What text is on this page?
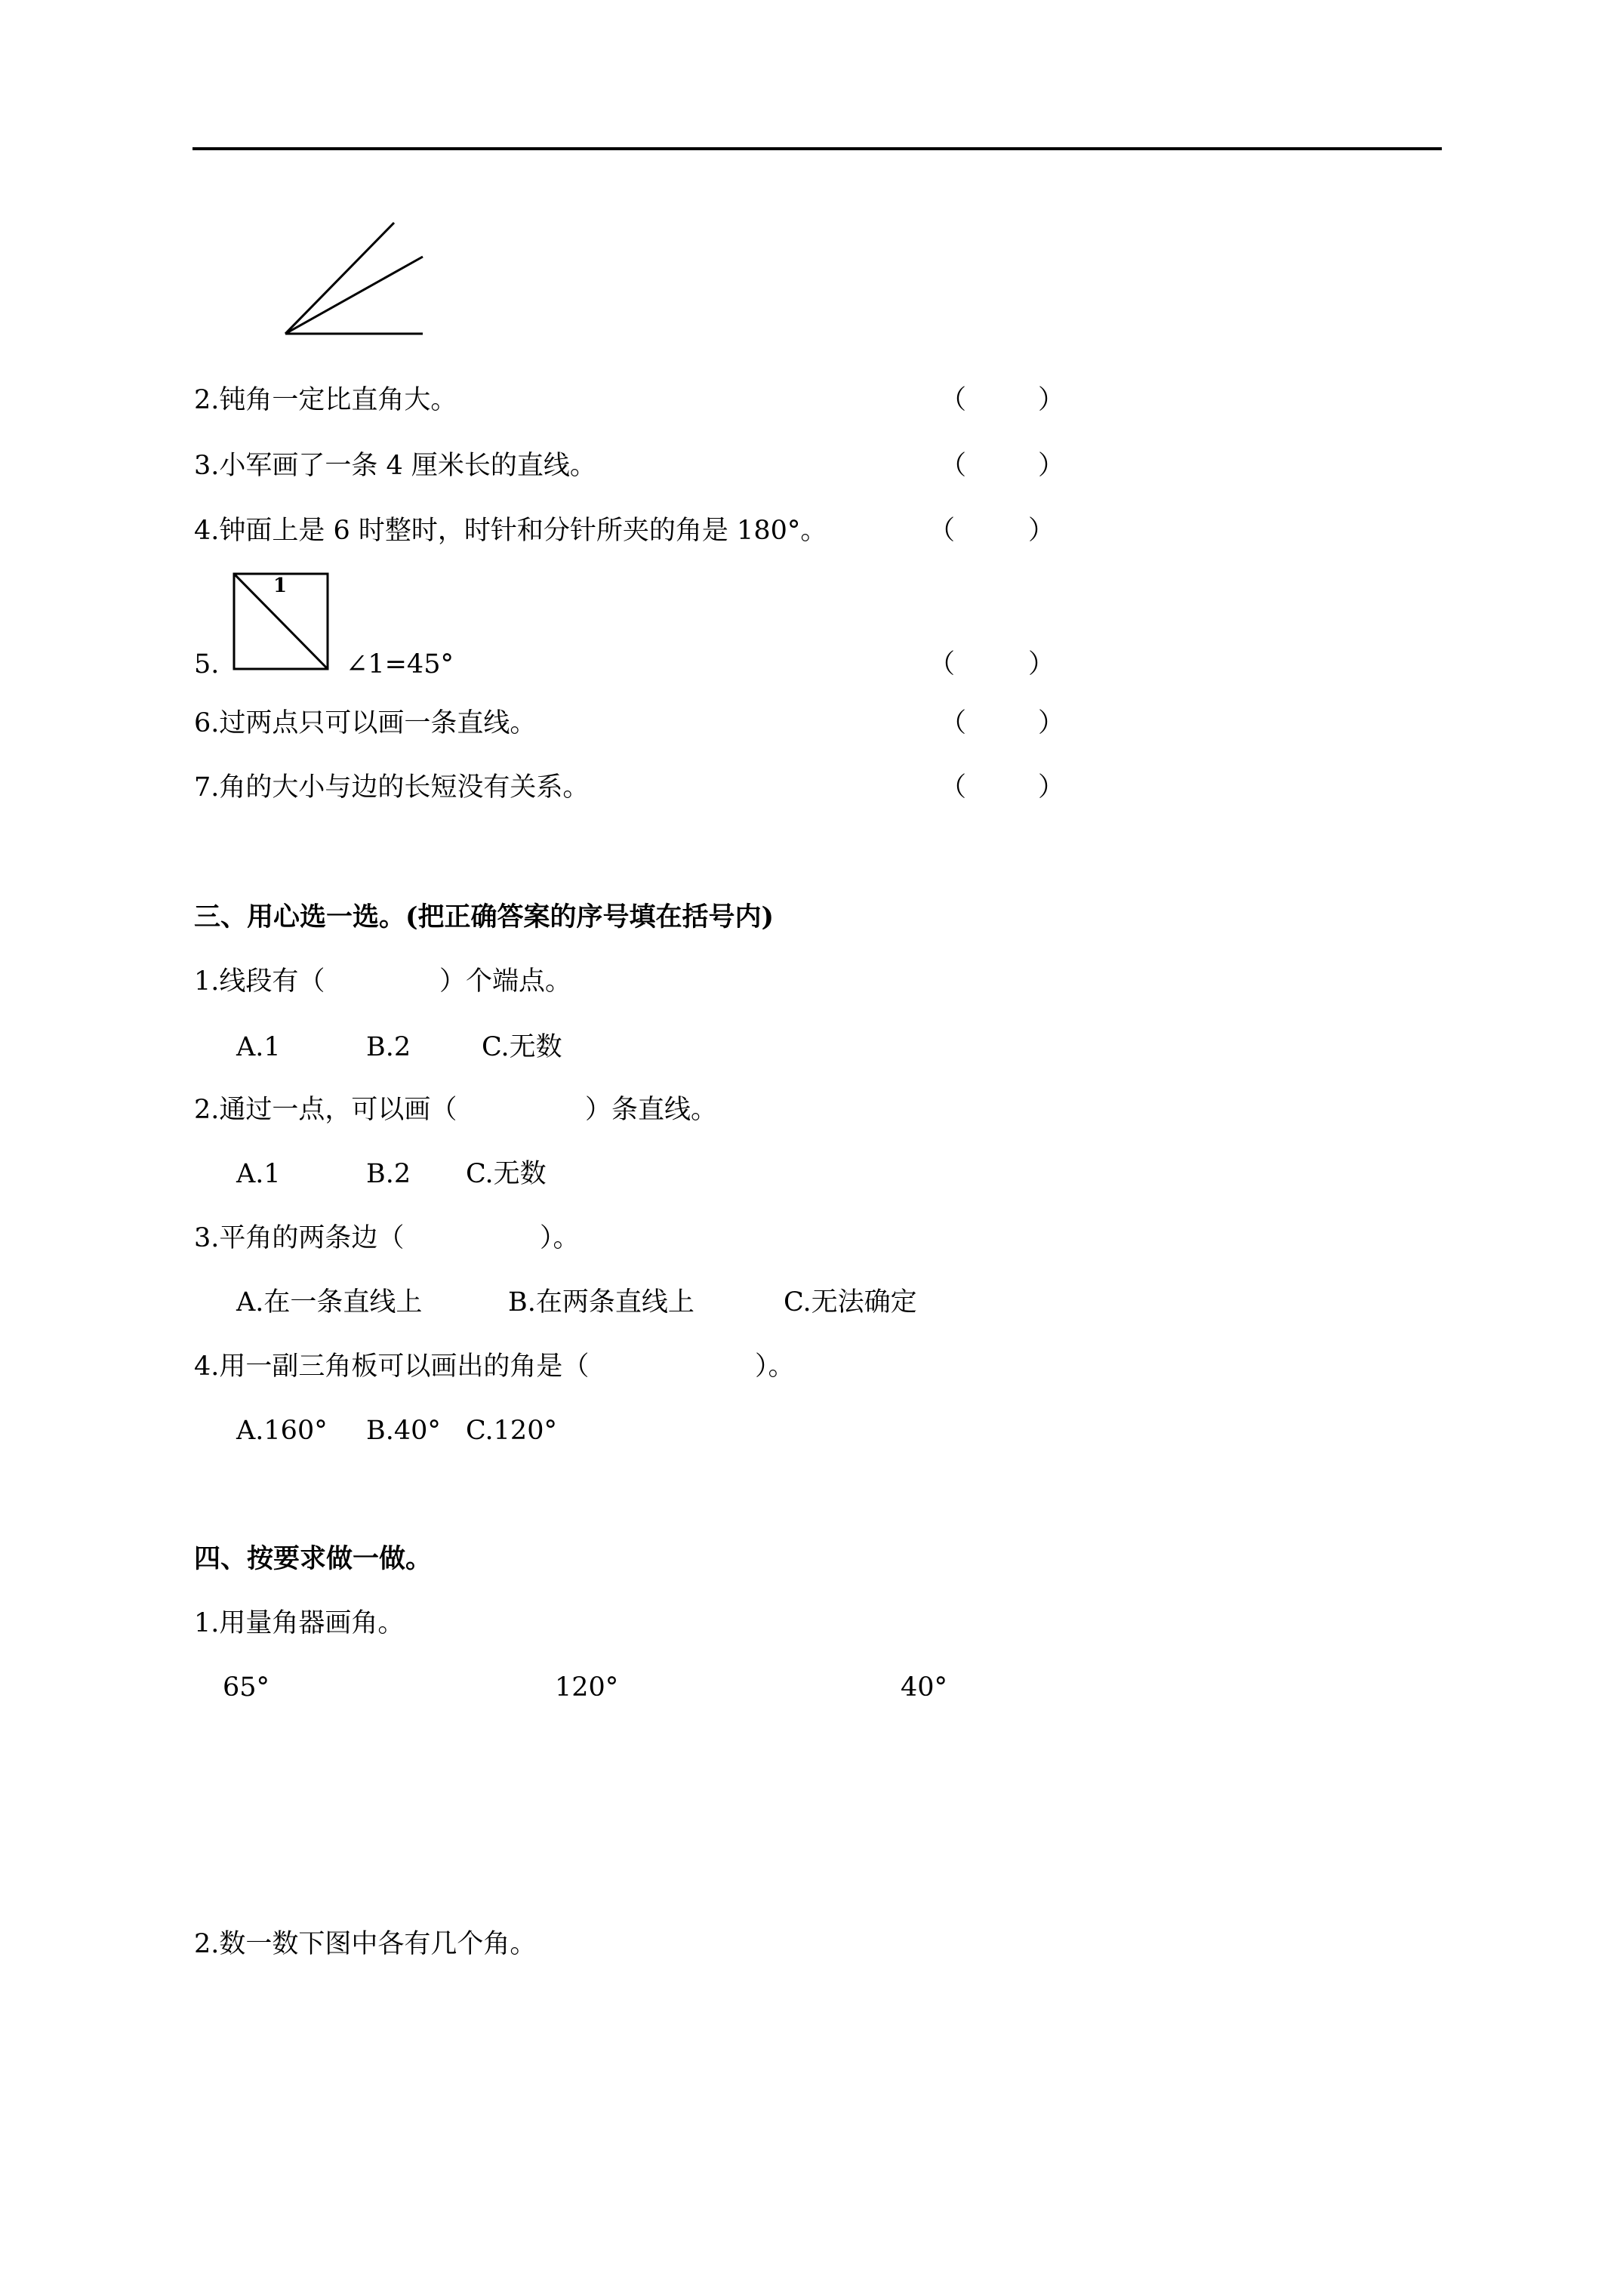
2.钝角一定比直角大。	（	）
3.小军画了一条 4 厘米长的直线。	（	）
4.钟面上是 6 时整时，时针和分针所夹的角是 180°。	（	）
5.
1
∠1=45°	（	）
6.过两点只可以画一条直线。	（	）
7.角的大小与边的长短没有关系。	（	）
三、用心选一选。(把正确答案的序号填在括号内)
1.线段有（	）个端点。
A.1	B.2	C.无数
2.通过一点，可以画（	）条直线。
A.1	B.2 C.无数
3.平角的两条边（	）。
A.在一条直线上	B.在两条直线上	C.无法确定
4.用一副三角板可以画出的角是（	）。
A.160° B.40° C.120°
四、按要求做一做。
1.用量角器画角。
65°	120°	40°
2.数一数下图中各有几个角。
